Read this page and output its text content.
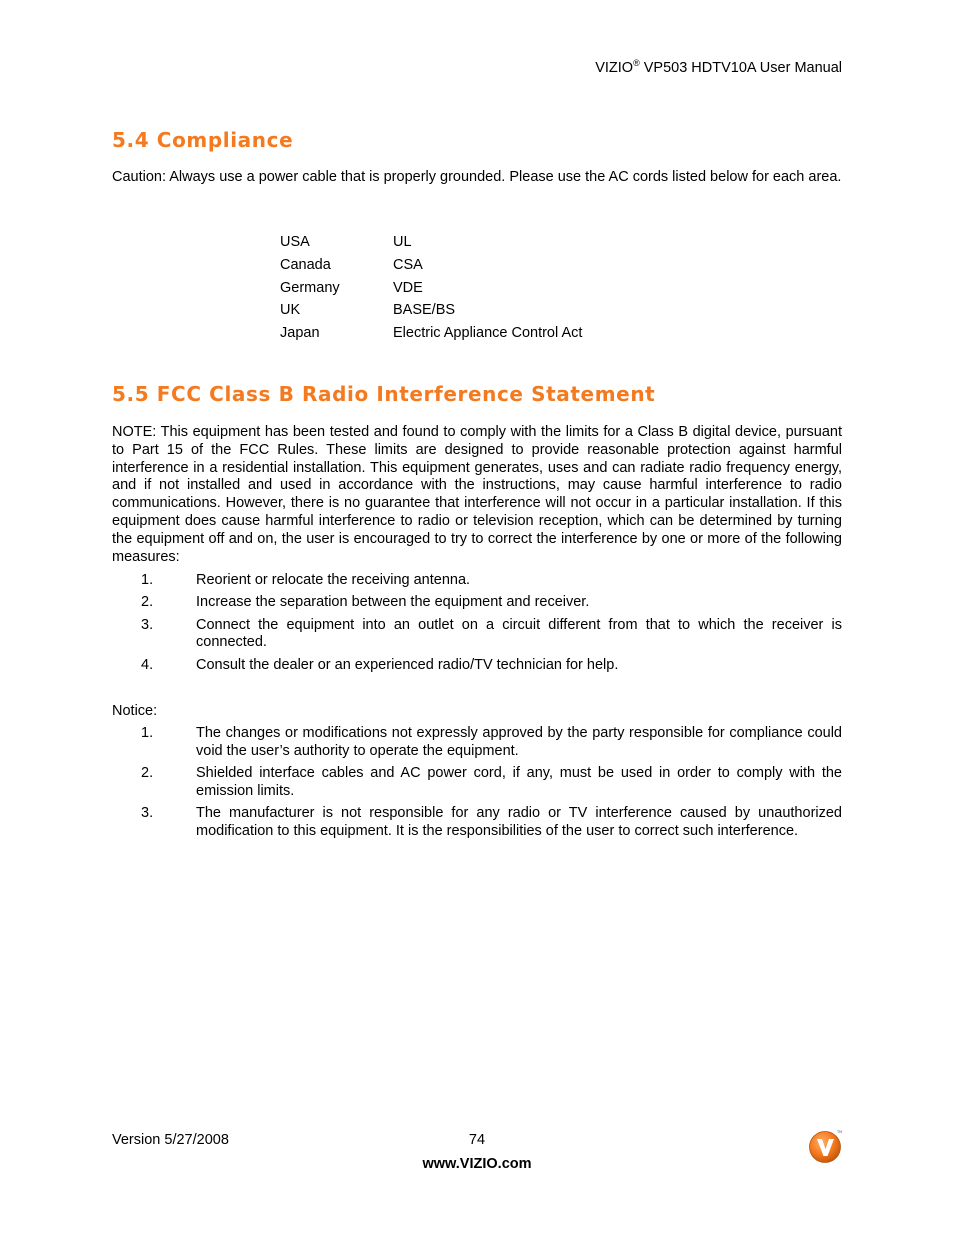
VIZIO® VP503 HDTV10A User Manual
5.4 Compliance
Caution: Always use a power cable that is properly grounded. Please use the AC cords listed below for each area.
USA	UL
Canada	CSA
Germany	VDE
UK	BASE/BS
Japan	Electric Appliance Control Act
5.5 FCC Class B Radio Interference Statement
NOTE: This equipment has been tested and found to comply with the limits for a Class B digital device, pursuant to Part 15 of the FCC Rules. These limits are designed to provide reasonable protection against harmful interference in a residential installation. This equipment generates, uses and can radiate radio frequency energy, and if not installed and used in accordance with the instructions, may cause harmful interference to radio communications. However, there is no guarantee that interference will not occur in a particular installation. If this equipment does cause harmful interference to radio or television reception, which can be determined by turning the equipment off and on, the user is encouraged to try to correct the interference by one or more of the following measures:
1.	Reorient or relocate the receiving antenna.
2.	Increase the separation between the equipment and receiver.
3.	Connect the equipment into an outlet on a circuit different from that to which the receiver is connected.
4.	Consult the dealer or an experienced radio/TV technician for help.
Notice:
1.	The changes or modifications not expressly approved by the party responsible for compliance could void the user’s authority to operate the equipment.
2.	Shielded interface cables and AC power cord, if any, must be used in order to comply with the emission limits.
3.	The manufacturer is not responsible for any radio or TV interference caused by unauthorized modification to this equipment. It is the responsibilities of the user to correct such interference.
Version 5/27/2008	74
www.VIZIO.com
TM
